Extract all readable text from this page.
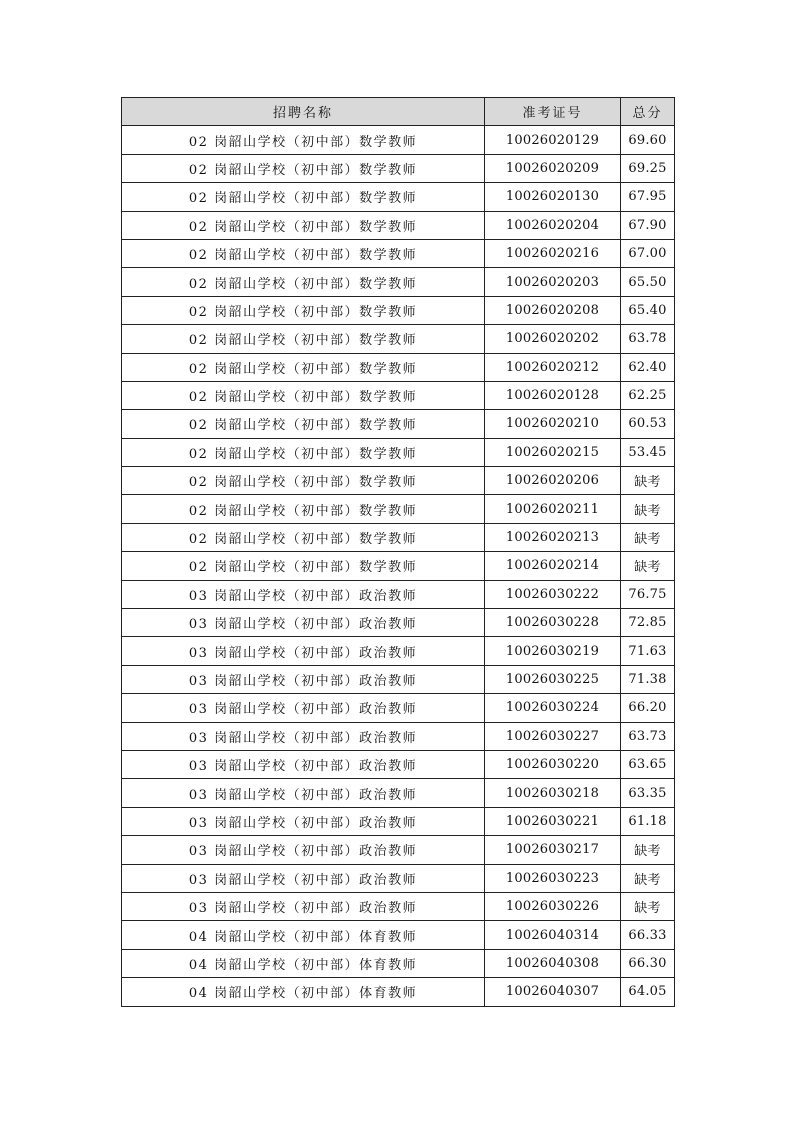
招聘名称	准考证号	总分
02 岗韶山学校（初中部）数学教师	10026020129	69.60
02 岗韶山学校（初中部）数学教师	10026020209	69.25
02 岗韶山学校（初中部）数学教师	10026020130	67.95
02 岗韶山学校（初中部）数学教师	10026020204	67.90
02 岗韶山学校（初中部）数学教师	10026020216	67.00
02 岗韶山学校（初中部）数学教师	10026020203	65.50
02 岗韶山学校（初中部）数学教师	10026020208	65.40
02 岗韶山学校（初中部）数学教师	10026020202	63.78
02 岗韶山学校（初中部）数学教师	10026020212	62.40
02 岗韶山学校（初中部）数学教师	10026020128	62.25
02 岗韶山学校（初中部）数学教师	10026020210	60.53
02 岗韶山学校（初中部）数学教师	10026020215	53.45
02 岗韶山学校（初中部）数学教师	10026020206	缺考
02 岗韶山学校（初中部）数学教师	10026020211	缺考
02 岗韶山学校（初中部）数学教师	10026020213	缺考
02 岗韶山学校（初中部）数学教师	10026020214	缺考
03 岗韶山学校（初中部）政治教师	10026030222	76.75
03 岗韶山学校（初中部）政治教师	10026030228	72.85
03 岗韶山学校（初中部）政治教师	10026030219	71.63
03 岗韶山学校（初中部）政治教师	10026030225	71.38
03 岗韶山学校（初中部）政治教师	10026030224	66.20
03 岗韶山学校（初中部）政治教师	10026030227	63.73
03 岗韶山学校（初中部）政治教师	10026030220	63.65
03 岗韶山学校（初中部）政治教师	10026030218	63.35
03 岗韶山学校（初中部）政治教师	10026030221	61.18
03 岗韶山学校（初中部）政治教师	10026030217	缺考
03 岗韶山学校（初中部）政治教师	10026030223	缺考
03 岗韶山学校（初中部）政治教师	10026030226	缺考
04 岗韶山学校（初中部）体育教师	10026040314	66.33
04 岗韶山学校（初中部）体育教师	10026040308	66.30
04 岗韶山学校（初中部）体育教师	10026040307	64.05
